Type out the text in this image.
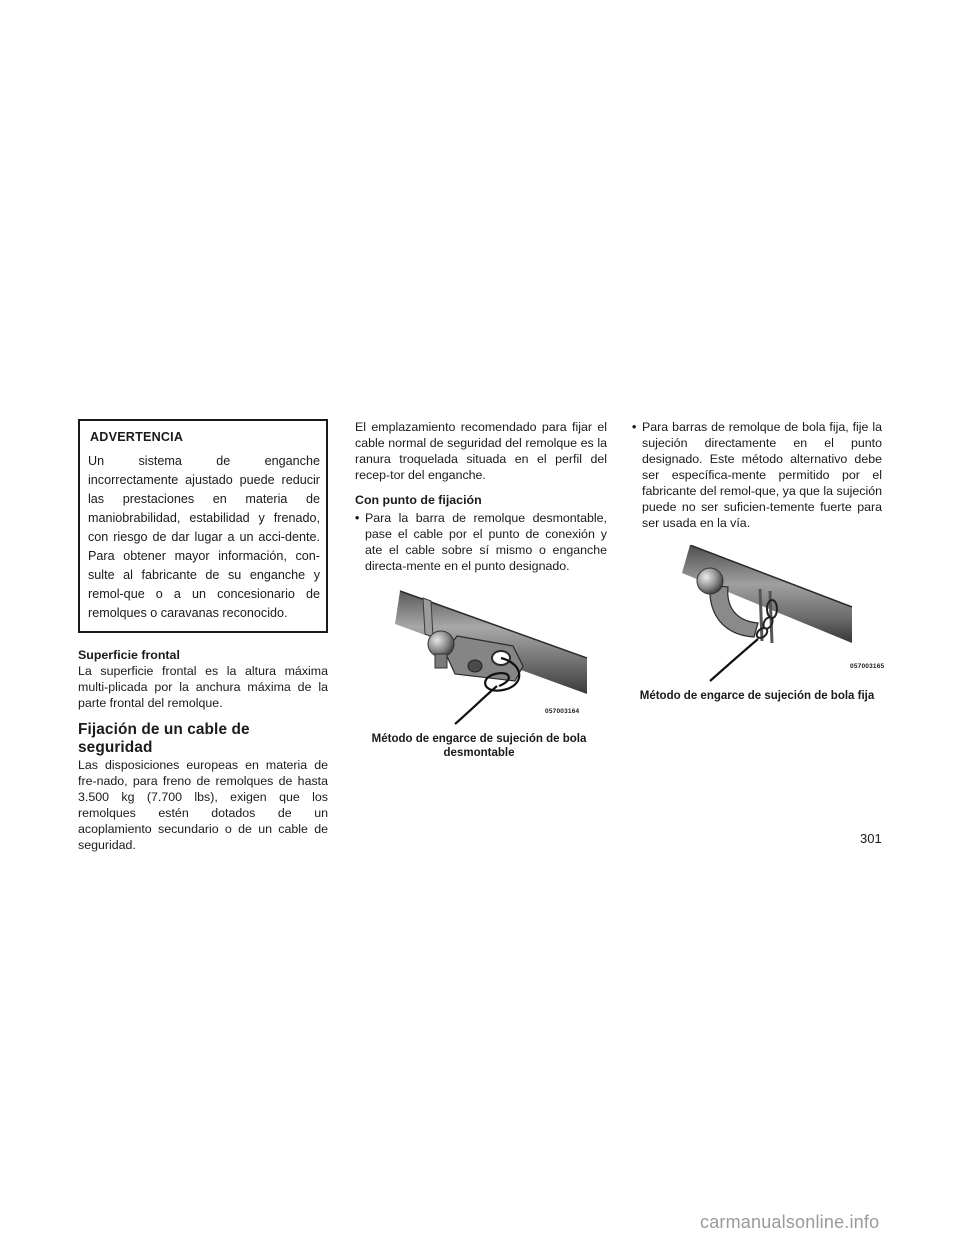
ADVERTENCIA

Un sistema de enganche incorrectamente ajustado puede reducir las prestaciones en materia de maniobrabilidad, estabilidad y frenado, con riesgo de dar lugar a un acci-dente. Para obtener mayor información, con-sulte al fabricante de su enganche y remol-que o a un concesionario de remolques o caravanas reconocido.

Superficie frontal

La superficie frontal es la altura máxima multi-plicada por la anchura máxima de la parte frontal del remolque.

Fijación de un cable de seguridad

Las disposiciones europeas en materia de fre-nado, para freno de remolques de hasta 3.500 kg (7.700 lbs), exigen que los remolques estén dotados de un acoplamiento secundario o de un cable de seguridad.

El emplazamiento recomendado para fijar el cable normal de seguridad del remolque es la ranura troquelada situada en el perfil del recep-tor del enganche.

Con punto de fijación
• Para la barra de remolque desmontable, pase el cable por el punto de conexión y ate el cable sobre sí mismo o enganche directa-mente en el punto designado.
0570031​64
Método de engarce de sujeción de bola
desmontable
• Para barras de remolque de bola fija, fije la sujeción directamente en el punto designado. Este método alternativo debe ser específica-mente permitido por el fabricante del remol-que, ya que la sujeción puede no ser suficien-temente fuerte para ser usada en la vía.
057003165
Método de engarce de sujeción de bola fija
301
carmanualsonline.info
